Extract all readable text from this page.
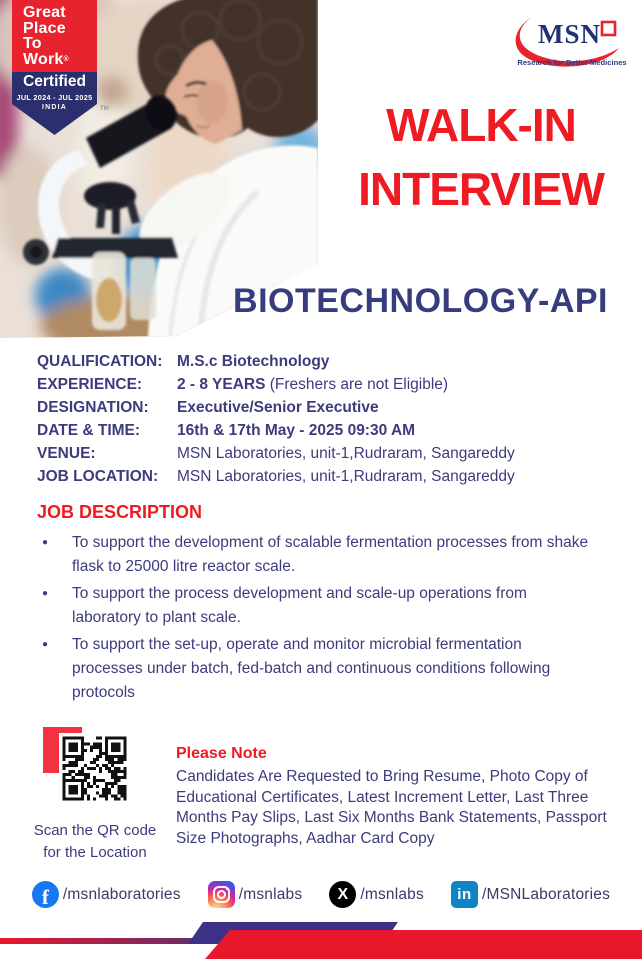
Great
Place
To
Work®
Certified
JUL 2024 - JUL 2025
INDIA	TM
MSN
Research for Better Medicines
WALK-IN
INTERVIEW
BIOTECHNOLOGY-API
QUALIFICATION: M.S.c Biotechnology
EXPERIENCE:	2 - 8 YEARS (Freshers are not Eligible)
DESIGNATION:	Executive/Senior Executive
DATE & TIME:	16th & 17th May - 2025 09:30 AM
VENUE:	MSN Laboratories, unit-1,Rudraram, Sangareddy
JOB LOCATION:	MSN Laboratories, unit-1,Rudraram, Sangareddy
JOB DESCRIPTION
●	To support the development of scalable fermentation processes from shake flask to 25000 litre reactor scale.
●	To support the process development and scale-up operations from laboratory to plant scale.
●	To support the set-up, operate and monitor microbial fermentation processes under batch, fed-batch and continuous conditions following protocols
Scan the QR code
for the Location
Please Note
Candidates Are Requested to Bring Resume, Photo Copy of Educational Certificates, Latest Increment Letter, Last Three Months Pay Slips, Last Six Months Bank Statements, Passport Size Photographs, Aadhar Card Copy
f /msnlaboratories	/msnlabs X /msnlabs in /MSNLaboratories
